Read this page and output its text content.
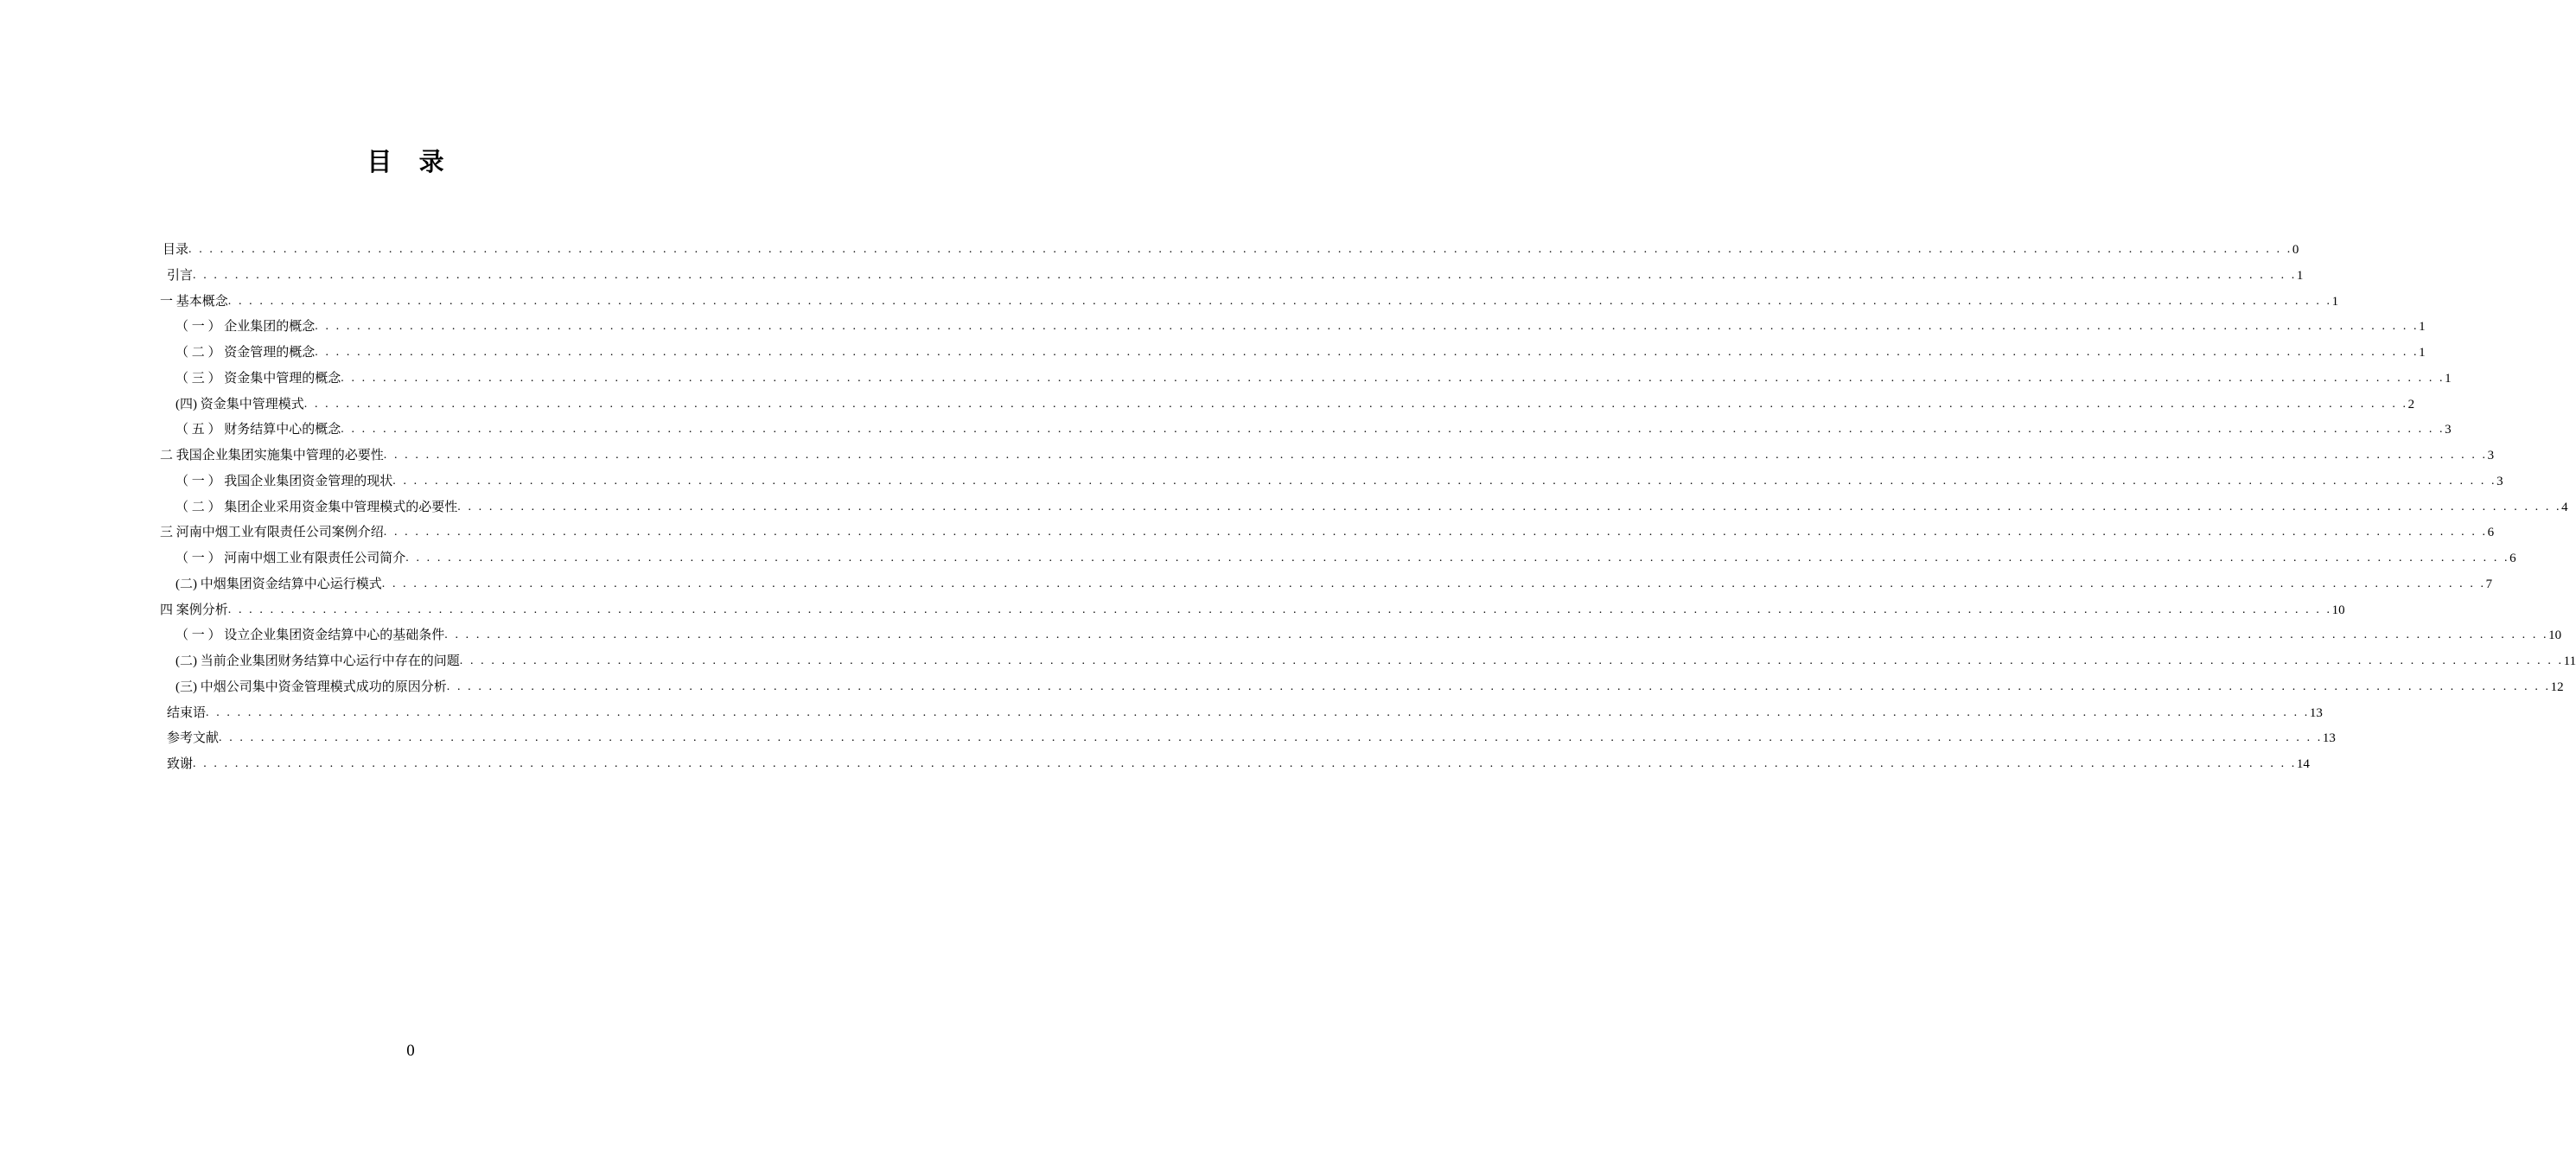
目 录
目录 . . . . . . . . . . . . . . . . . . . . . . . . . . . . . . . . . . . . . . . . . . . . . . . . . . . . . . . . . . . . . . . . . . . . . . . . . . . . . . . . . . . . . . . . . . . . . . . . . . . . . . . . . . . . . . . . . . . . . . . . . . . . . . . . . . . . . . . . . . . . . . . . . . . . . . . . . . . . . . . . . . . . . . . . . . . . . . . . . . . . . . . . . . . . . . . . . . . . . . . . 0
引言 . . . . . . . . . . . . . . . . . . . . . . . . . . . . . . . . . . . . . . . . . . . . . . . . . . . . . . . . . . . . . . . . . . . . . . . . . . . . . . . . . . . . . . . . . . . . . . . . . . . . . . . . . . . . . . . . . . . . . . . . . . . . . . . . . . . . . . . . . . . . . . . . . . . . . . . . . . . . . . . . . . . . . . . . . . . . . . . . . . . . . . . . . . . . . . . . . . . . . . . . 1
一 基本概念 . . . . . . . . . . . . . . . . . . . . . . . . . . . . . . . . . . . . . . . . . . . . . . . . . . . . . . . . . . . . . . . . . . . . . . . . . . . . . . . . . . . . . . . . . . . . . . . . . . . . . . . . . . . . . . . . . . . . . . . . . . . . . . . . . . . . . . . . . . . . . . . . . . . . . . . . . . . . . . . . . . . . . . . . . . . . . . . . . . . . . . . . . . . . . . . . . . . . . . . . 1
（ 一 ） 企业集团的概念 . . . . . . . . . . . . . . . . . . . . . . . . . . . . . . . . . . . . . . . . . . . . . . . . . . . . . . . . . . . . . . . . . . . . . . . . . . . . . . . . . . . . . . . . . . . . . . . . . . . . . . . . . . . . . . . . . . . . . . . . . . . . . . . . . . . . . . . . . . . . . . . . . . . . . . . . . . . . . . . . . . . . . . . . . . . . . . . . . . . . . . . . . . . . . . . . . . . . . . . . 1
（ 二 ） 资金管理的概念 . . . . . . . . . . . . . . . . . . . . . . . . . . . . . . . . . . . . . . . . . . . . . . . . . . . . . . . . . . . . . . . . . . . . . . . . . . . . . . . . . . . . . . . . . . . . . . . . . . . . . . . . . . . . . . . . . . . . . . . . . . . . . . . . . . . . . . . . . . . . . . . . . . . . . . . . . . . . . . . . . . . . . . . . . . . . . . . . . . . . . . . . . . . . . . . . . . . . . . . . 1
（ 三 ） 资金集中管理的概念 . . . . . . . . . . . . . . . . . . . . . . . . . . . . . . . . . . . . . . . . . . . . . . . . . . . . . . . . . . . . . . . . . . . . . . . . . . . . . . . . . . . . . . . . . . . . . . . . . . . . . . . . . . . . . . . . . . . . . . . . . . . . . . . . . . . . . . . . . . . . . . . . . . . . . . . . . . . . . . . . . . . . . . . . . . . . . . . . . . . . . . . . . . . . . . . . . . . . . . . . 1
(四) 资金集中管理模式 . . . . . . . . . . . . . . . . . . . . . . . . . . . . . . . . . . . . . . . . . . . . . . . . . . . . . . . . . . . . . . . . . . . . . . . . . . . . . . . . . . . . . . . . . . . . . . . . . . . . . . . . . . . . . . . . . . . . . . . . . . . . . . . . . . . . . . . . . . . . . . . . . . . . . . . . . . . . . . . . . . . . . . . . . . . . . . . . . . . . . . . . . . . . . . . . . . . . . . . . 2
（ 五 ） 财务结算中心的概念 . . . . . . . . . . . . . . . . . . . . . . . . . . . . . . . . . . . . . . . . . . . . . . . . . . . . . . . . . . . . . . . . . . . . . . . . . . . . . . . . . . . . . . . . . . . . . . . . . . . . . . . . . . . . . . . . . . . . . . . . . . . . . . . . . . . . . . . . . . . . . . . . . . . . . . . . . . . . . . . . . . . . . . . . . . . . . . . . . . . . . . . . . . . . . . . . . . . . . . . . 3
二 我国企业集团实施集中管理的必要性 . . . . . . . . . . . . . . . . . . . . . . . . . . . . . . . . . . . . . . . . . . . . . . . . . . . . . . . . . . . . . . . . . . . . . . . . . . . . . . . . . . . . . . . . . . . . . . . . . . . . . . . . . . . . . . . . . . . . . . . . . . . . . . . . . . . . . . . . . . . . . . . . . . . . . . . . . . . . . . . . . . . . . . . . . . . . . . . . . . . . . . . . . . . . . . . . . . . . . . . . 3
（ 一 ） 我国企业集团资金管理的现状 . . . . . . . . . . . . . . . . . . . . . . . . . . . . . . . . . . . . . . . . . . . . . . . . . . . . . . . . . . . . . . . . . . . . . . . . . . . . . . . . . . . . . . . . . . . . . . . . . . . . . . . . . . . . . . . . . . . . . . . . . . . . . . . . . . . . . . . . . . . . . . . . . . . . . . . . . . . . . . . . . . . . . . . . . . . . . . . . . . . . . . . . . . . . . . . . . . . . . . . . 3
（ 二 ） 集团企业采用资金集中管理模式的必要性 . . . . . . . . . . . . . . . . . . . . . . . . . . . . . . . . . . . . . . . . . . . . . . . . . . . . . . . . . . . . . . . . . . . . . . . . . . . . . . . . . . . . . . . . . . . . . . . . . . . . . . . . . . . . . . . . . . . . . . . . . . . . . . . . . . . . . . . . . . . . . . . . . . . . . . . . . . . . . . . . . . . . . . . . . . . . . . . . . . . . . . . . . . . . . . . . . . . . . . . . 4
三 河南中烟工业有限责任公司案例介绍 . . . . . . . . . . . . . . . . . . . . . . . . . . . . . . . . . . . . . . . . . . . . . . . . . . . . . . . . . . . . . . . . . . . . . . . . . . . . . . . . . . . . . . . . . . . . . . . . . . . . . . . . . . . . . . . . . . . . . . . . . . . . . . . . . . . . . . . . . . . . . . . . . . . . . . . . . . . . . . . . . . . . . . . . . . . . . . . . . . . . . . . . . . . . . . . . . . . . . . . . 6
（ 一 ） 河南中烟工业有限责任公司简介 . . . . . . . . . . . . . . . . . . . . . . . . . . . . . . . . . . . . . . . . . . . . . . . . . . . . . . . . . . . . . . . . . . . . . . . . . . . . . . . . . . . . . . . . . . . . . . . . . . . . . . . . . . . . . . . . . . . . . . . . . . . . . . . . . . . . . . . . . . . . . . . . . . . . . . . . . . . . . . . . . . . . . . . . . . . . . . . . . . . . . . . . . . . . . . . . . . . . . . . . 6
(二) 中烟集团资金结算中心运行模式 . . . . . . . . . . . . . . . . . . . . . . . . . . . . . . . . . . . . . . . . . . . . . . . . . . . . . . . . . . . . . . . . . . . . . . . . . . . . . . . . . . . . . . . . . . . . . . . . . . . . . . . . . . . . . . . . . . . . . . . . . . . . . . . . . . . . . . . . . . . . . . . . . . . . . . . . . . . . . . . . . . . . . . . . . . . . . . . . . . . . . . . . . . . . . . . . . . . . . . . . 7
四 案例分析 . . . . . . . . . . . . . . . . . . . . . . . . . . . . . . . . . . . . . . . . . . . . . . . . . . . . . . . . . . . . . . . . . . . . . . . . . . . . . . . . . . . . . . . . . . . . . . . . . . . . . . . . . . . . . . . . . . . . . . . . . . . . . . . . . . . . . . . . . . . . . . . . . . . . . . . . . . . . . . . . . . . . . . . . . . . . . . . . . . . . . . . . . . . . . . . . . . . . . . . . 10
（ 一 ） 设立企业集团资金结算中心的基础条件 . . . . . . . . . . . . . . . . . . . . . . . . . . . . . . . . . . . . . . . . . . . . . . . . . . . . . . . . . . . . . . . . . . . . . . . . . . . . . . . . . . . . . . . . . . . . . . . . . . . . . . . . . . . . . . . . . . . . . . . . . . . . . . . . . . . . . . . . . . . . . . . . . . . . . . . . . . . . . . . . . . . . . . . . . . . . . . . . . . . . . . . . . . . . . . . . . . . . . . . . 10
(二) 当前企业集团财务结算中心运行中存在的问题 . . . . . . . . . . . . . . . . . . . . . . . . . . . . . . . . . . . . . . . . . . . . . . . . . . . . . . . . . . . . . . . . . . . . . . . . . . . . . . . . . . . . . . . . . . . . . . . . . . . . . . . . . . . . . . . . . . . . . . . . . . . . . . . . . . . . . . . . . . . . . . . . . . . . . . . . . . . . . . . . . . . . . . . . . . . . . . . . . . . . . . . . . . . . . . . . . . . . . . . . 11
(三) 中烟公司集中资金管理模式成功的原因分析 . . . . . . . . . . . . . . . . . . . . . . . . . . . . . . . . . . . . . . . . . . . . . . . . . . . . . . . . . . . . . . . . . . . . . . . . . . . . . . . . . . . . . . . . . . . . . . . . . . . . . . . . . . . . . . . . . . . . . . . . . . . . . . . . . . . . . . . . . . . . . . . . . . . . . . . . . . . . . . . . . . . . . . . . . . . . . . . . . . . . . . . . . . . . . . . . . . . . . . . . 12
结束语 . . . . . . . . . . . . . . . . . . . . . . . . . . . . . . . . . . . . . . . . . . . . . . . . . . . . . . . . . . . . . . . . . . . . . . . . . . . . . . . . . . . . . . . . . . . . . . . . . . . . . . . . . . . . . . . . . . . . . . . . . . . . . . . . . . . . . . . . . . . . . . . . . . . . . . . . . . . . . . . . . . . . . . . . . . . . . . . . . . . . . . . . . . . . . . . . . . . . . . . . 13
参考文献 . . . . . . . . . . . . . . . . . . . . . . . . . . . . . . . . . . . . . . . . . . . . . . . . . . . . . . . . . . . . . . . . . . . . . . . . . . . . . . . . . . . . . . . . . . . . . . . . . . . . . . . . . . . . . . . . . . . . . . . . . . . . . . . . . . . . . . . . . . . . . . . . . . . . . . . . . . . . . . . . . . . . . . . . . . . . . . . . . . . . . . . . . . . . . . . . . . . . . . . . 13
致谢 . . . . . . . . . . . . . . . . . . . . . . . . . . . . . . . . . . . . . . . . . . . . . . . . . . . . . . . . . . . . . . . . . . . . . . . . . . . . . . . . . . . . . . . . . . . . . . . . . . . . . . . . . . . . . . . . . . . . . . . . . . . . . . . . . . . . . . . . . . . . . . . . . . . . . . . . . . . . . . . . . . . . . . . . . . . . . . . . . . . . . . . . . . . . . . . . . . . . . . . . 14
0
